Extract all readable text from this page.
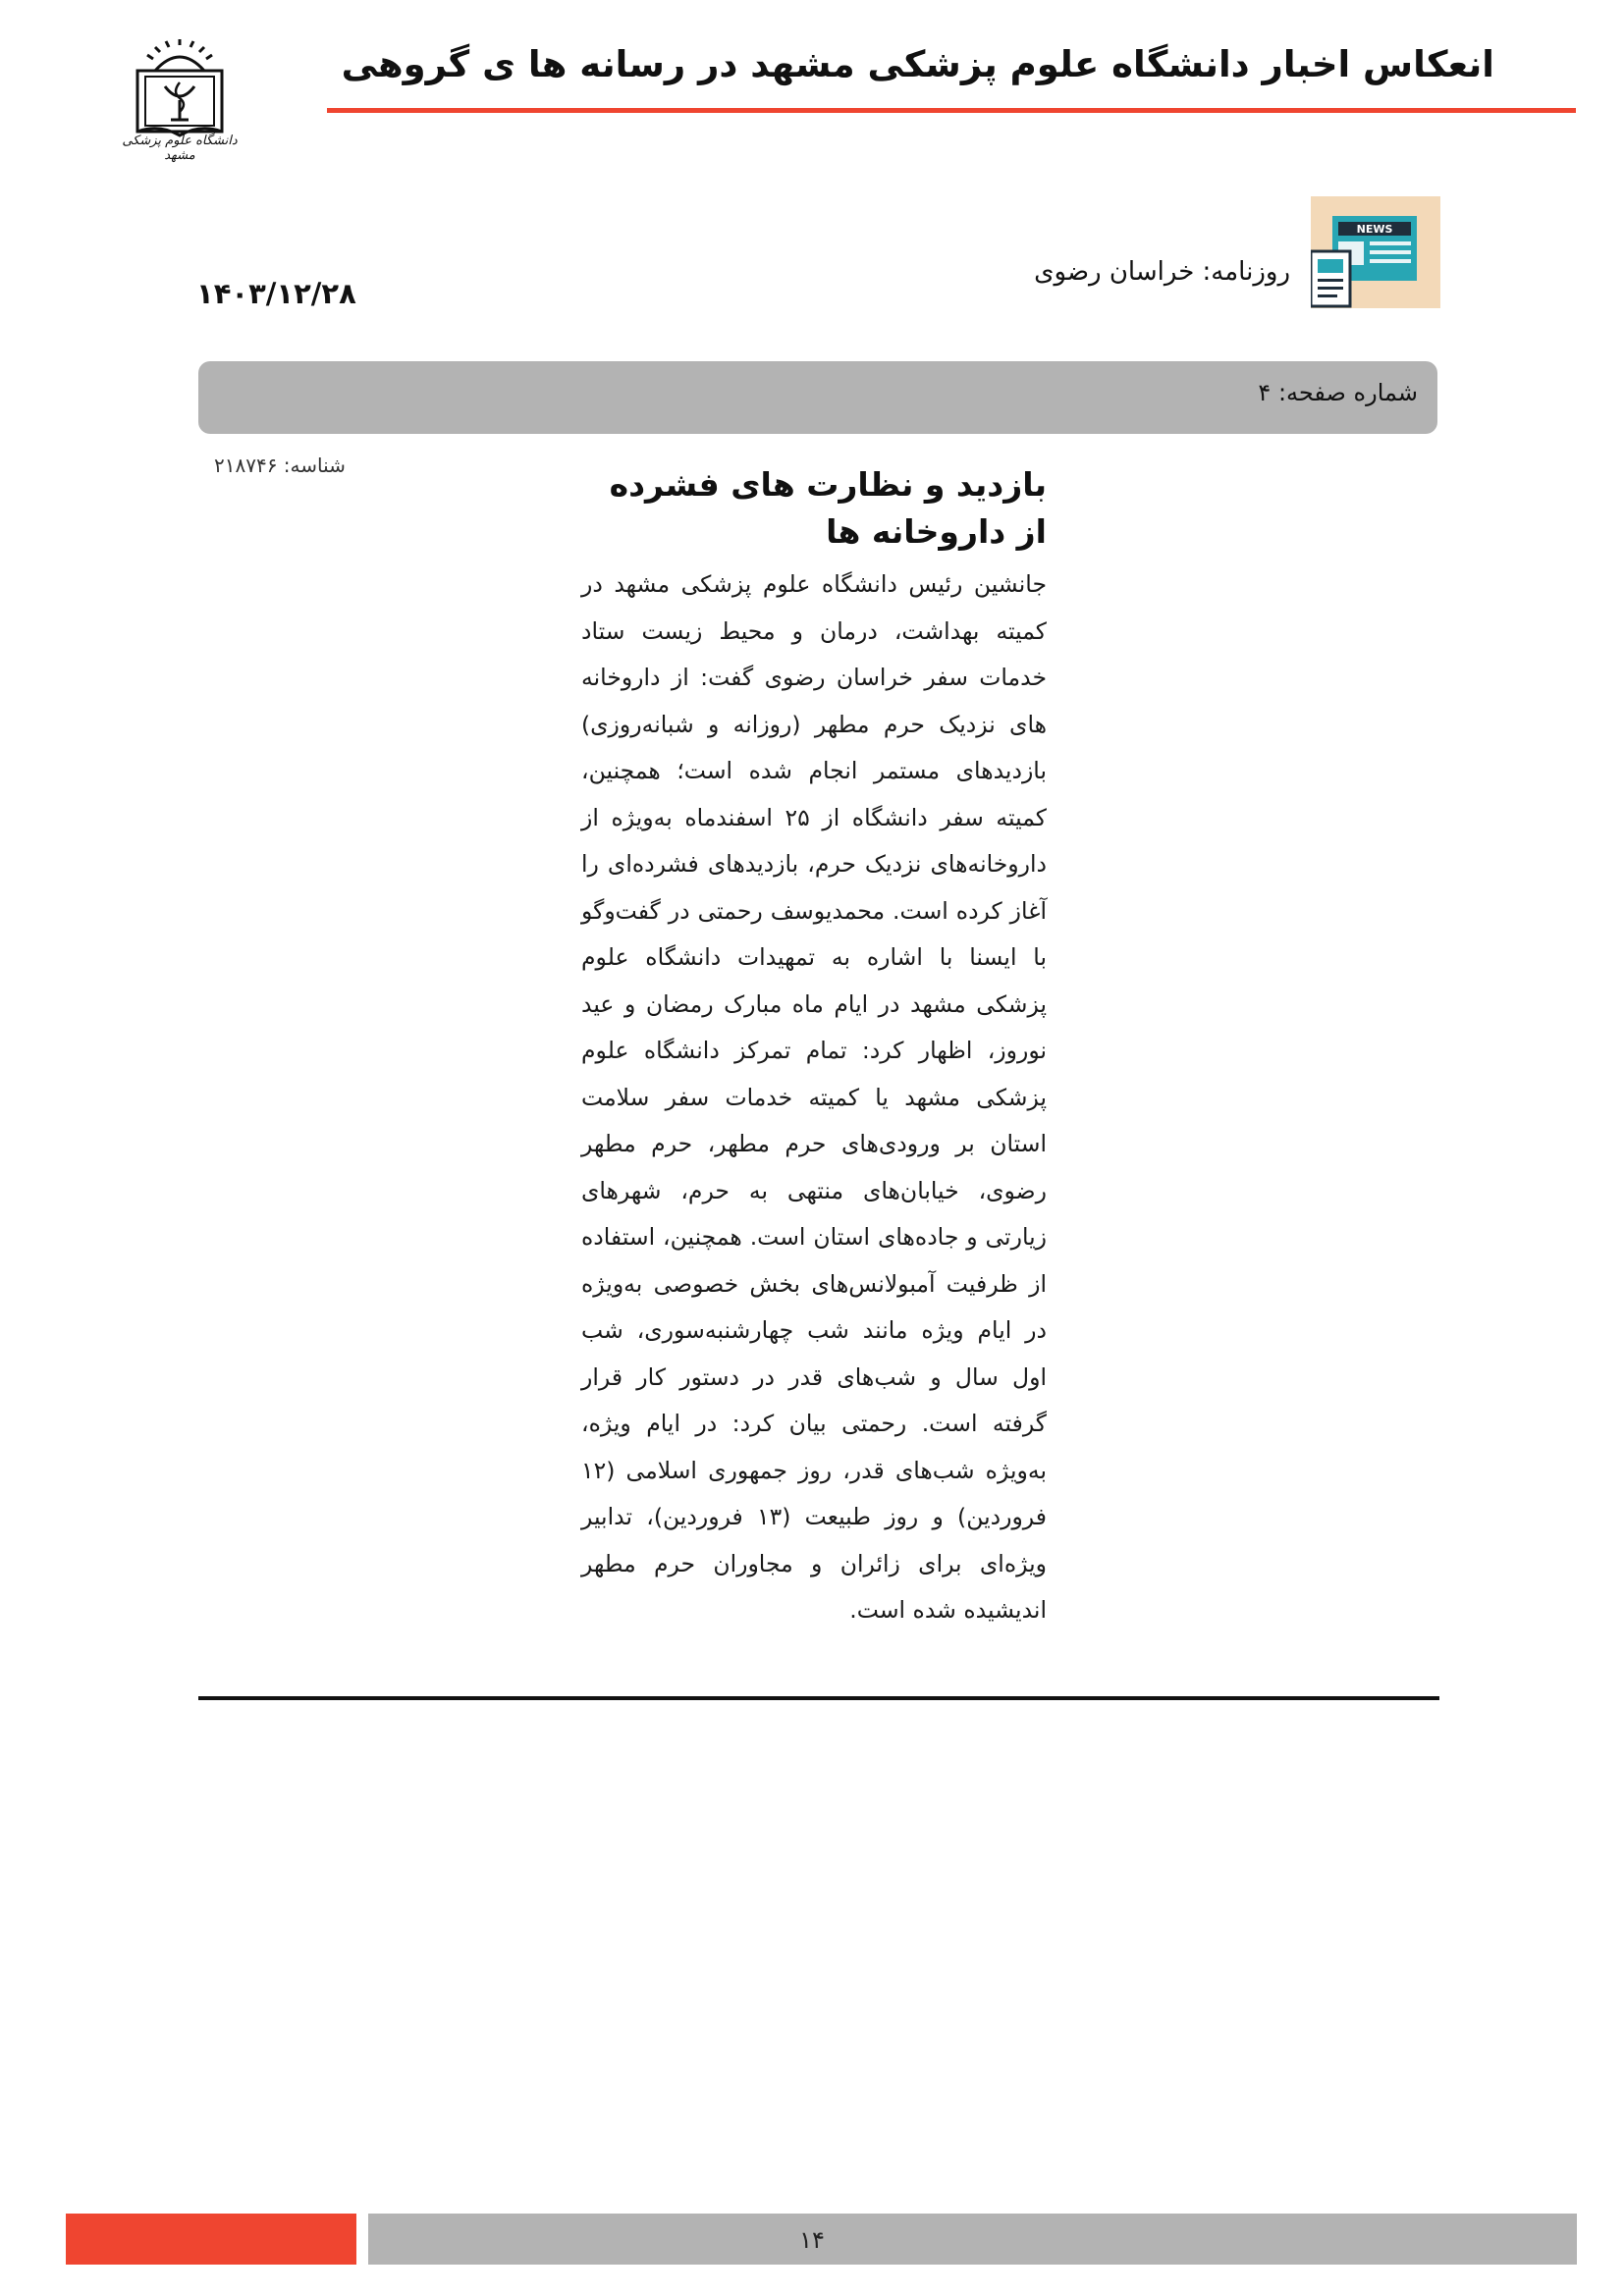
دانشگاه علوم پزشکی مشهد
انعکاس اخبار دانشگاه علوم پزشکی مشهد در رسانه ها ی گروهی
NEWS
روزنامه: خراسان رضوی
۱۴۰۳/۱۲/۲۸
شماره صفحه: ۴
شناسه: ۲۱۸۷۴۶	بازدید و نظارت های فشرده از داروخانه ها

جانشین رئیس دانشگاه علوم پزشکی مشهد در کمیته بهداشت، درمان و محیط زیست ستاد خدمات سفر خراسان رضوی گفت: از داروخانه های نزدیک حرم مطهر (روزانه و شبانه‌روزی) بازدیدهای مستمر انجام شده است؛ همچنین، کمیته سفر دانشگاه از ۲۵ اسفندماه به‌ویژه از داروخانه‌های نزدیک حرم، بازدیدهای فشرده‌ای را آغاز کرده است. محمدیوسف رحمتی در گفت‌وگو با ایسنا با اشاره به تمهیدات دانشگاه علوم پزشکی مشهد در ایام ماه مبارک رمضان و عید نوروز، اظهار کرد: تمام تمرکز دانشگاه علوم پزشکی مشهد یا کمیته خدمات سفر سلامت استان بر ورودی‌های حرم مطهر، حرم مطهر رضوی، خیابان‌های منتهی به حرم، شهرهای زیارتی و جاده‌های استان است. همچنین، استفاده از ظرفیت آمبولانس‌های بخش خصوصی به‌ویژه در ایام ویژه مانند شب چهارشنبه‌سوری، شب اول سال و شب‌های قدر در دستور کار قرار گرفته است. رحمتی بیان کرد: در ایام ویژه، به‌ویژه شب‌های قدر، روز جمهوری اسلامی (۱۲ فروردین) و روز طبیعت (۱۳ فروردین)، تدابیر ویژه‌ای برای زائران و مجاوران حرم مطهر اندیشیده شده است.

۱۴
